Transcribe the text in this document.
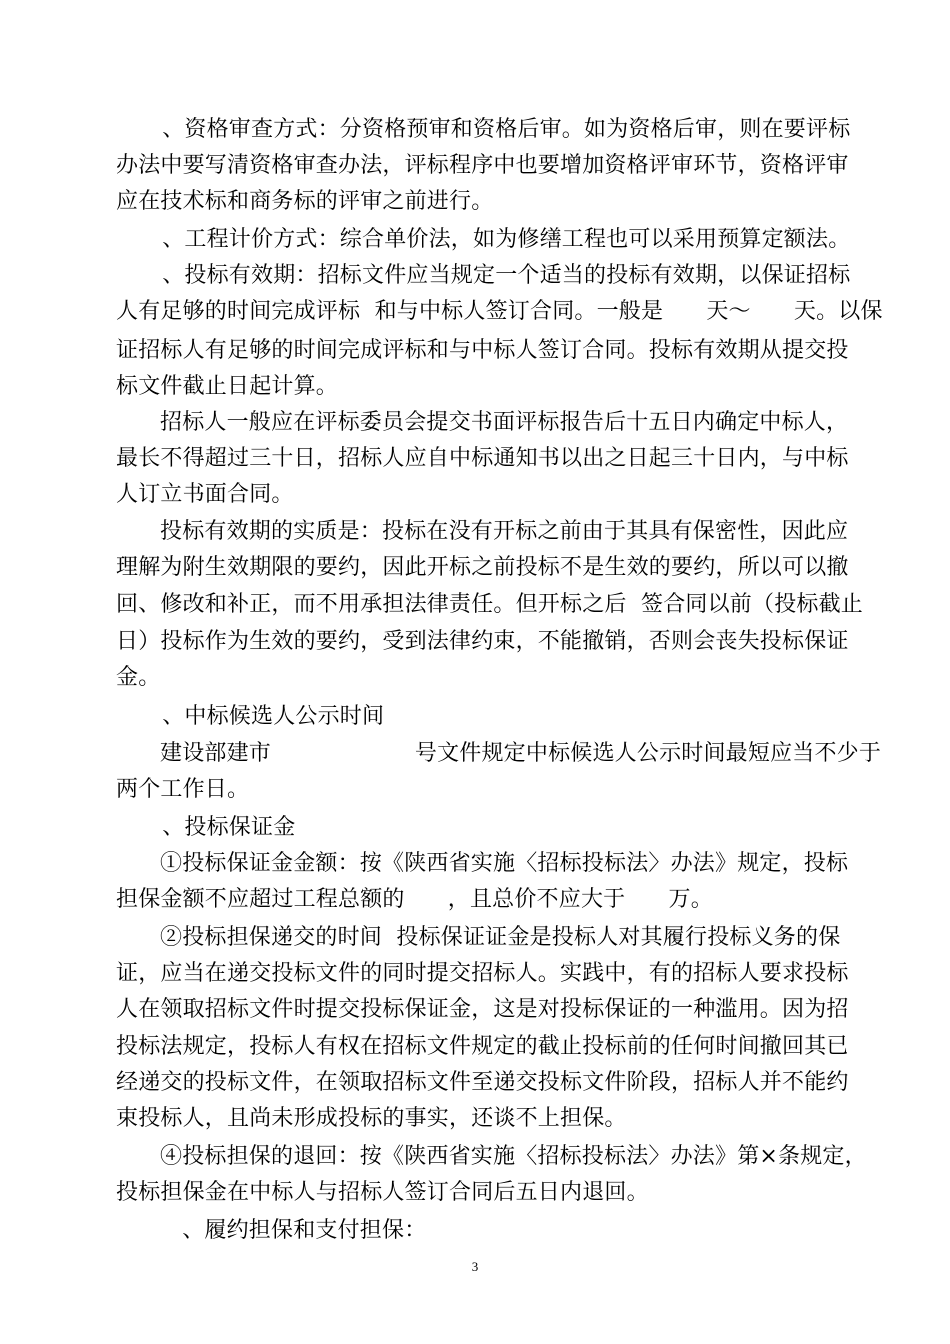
　、资格审查方式：分资格预审和资格后审。如为资格后审，则在要评标
办法中要写清资格审查办法，评标程序中也要增加资格评审环节，资格评审
应在技术标和商务标的评审之前进行。
　、工程计价方式：综合单价法，如为修缮工程也可以采用预算定额法。
　、投标有效期：招标文件应当规定一个适当的投标有效期，以保证招标
人有足够的时间完成评标  和与中标人签订合同。一般是      天～      天。以保
证招标人有足够的时间完成评标和与中标人签订合同。投标有效期从提交投
标文件截止日起计算。
招标人一般应在评标委员会提交书面评标报告后十五日内确定中标人，
最长不得超过三十日，招标人应自中标通知书以出之日起三十日内，与中标
人订立书面合同。
投标有效期的实质是：投标在没有开标之前由于其具有保密性，因此应
理解为附生效期限的要约，因此开标之前投标不是生效的要约，所以可以撤
回、修改和补正，而不用承担法律责任。但开标之后  签合同以前（投标截止
日）投标作为生效的要约，受到法律约束，不能撤销，否则会丧失投标保证
金。
　、中标候选人公示时间
建设部建市                    号文件规定中标候选人公示时间最短应当不少于
两个工作日。
　、投标保证金
①投标保证金金额：按《陕西省实施〈招标投标法〉办法》规定，投标
担保金额不应超过工程总额的      ，且总价不应大于      万。
②投标担保递交的时间  投标保证证金是投标人对其履行投标义务的保
证，应当在递交投标文件的同时提交招标人。实践中，有的招标人要求投标
人在领取招标文件时提交投标保证金，这是对投标保证的一种滥用。因为招
投标法规定，投标人有权在招标文件规定的截止投标前的任何时间撤回其已
经递交的投标文件，在领取招标文件至递交投标文件阶段，招标人并不能约
束投标人，且尚未形成投标的事实，还谈不上担保。
④投标担保的退回：按《陕西省实施〈招标投标法〉办法》第×条规定，
投标担保金在中标人与招标人签订合同后五日内退回。
　、履约担保和支付担保：
3
